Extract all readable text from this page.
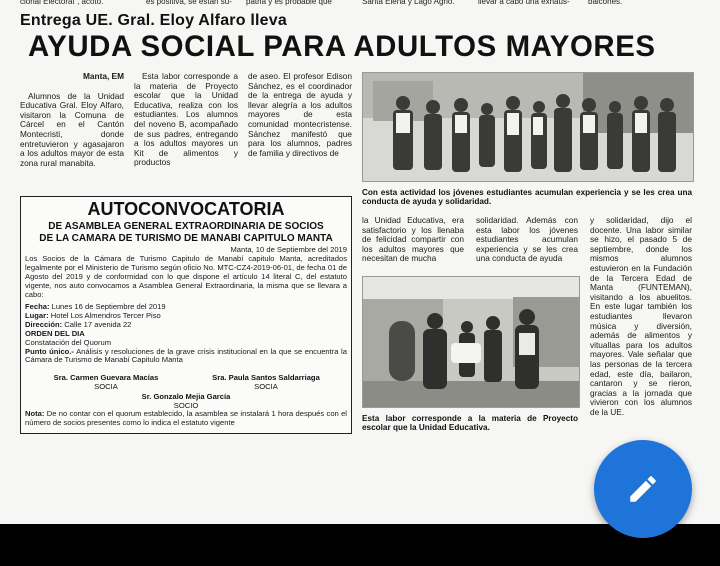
cional Electoral", acotó.	es positiva, se están su- patria y es probable que	Santa Elena y Lago Agrio.	llevar a cabo una exhaus- balcones.
Entrega UE. Gral. Eloy Alfaro lleva
AYUDA SOCIAL PARA ADULTOS MAYORES

Manta, EM

Alumnos de la Unidad Educativa Gral. Eloy Alfaro, visitaron la Comuna de Cárcel en el Cantón Montecristi, donde entretuvieron y agasajaron a los adultos mayor de esta zona rural manabita.

Esta labor corresponde a la materia de Proyecto escolar que la Unidad Educativa, realiza con los estudiantes. Los alumnos del noveno B, acompañado de sus padres, entregando a los adultos mayores un Kit de alimentos y productos
de aseo. El profesor Edison Sánchez, es el coordinador de la entrega de ayuda y llevar alegría a los adultos mayores de esta comunidad montecristense. Sánchez manifestó que para los alumnos, padres de familia y directivos de
Con esta actividad los jóvenes estudiantes acumulan experiencia y se les crea una conducta de ayuda y solidaridad.
la Unidad Educativa, era satisfactorio y los llenaba de felicidad compartir con los adultos mayores que necesitan de mucha
solidaridad. Además con esta labor los jóvenes estudiantes acumulan experiencia y se les crea una conducta de ayuda
y solidaridad, dijo el docente. Una labor similar se hizo, el pasado 5 de septiembre, donde los mismos alumnos estuvieron en la Fundación de la Tercera Edad de Manta (FUNTEMAN), visitando a los abuelitos. En este lugar también los estudiantes llevaron música y diversión, además de alimentos y vituallas para los adultos mayores. Vale señalar que las personas de la tercera edad, este día, bailaron, cantaron y se rieron, gracias a la jornada que vivieron con los alumnos de la UE.
Esta labor corresponde a la materia de Proyecto escolar que la Unidad Educativa.
AUTOCONVOCATORIA
DE ASAMBLEA GENERAL EXTRAORDINARIA DE SOCIOS
DE LA CAMARA DE TURISMO DE MANABI CAPITULO MANTA
Manta, 10 de Septiembre del 2019
Los Socios de la Cámara de Turismo Capitulo de Manabí capitulo Manta, acreditados legalmente por el Ministerio de Turismo según oficio No. MTC-CZ4-2019-06-01, de fecha 01 de Agosto del 2019 y de conformidad con lo que dispone el artículo 14 literal C, del estatuto vigente, nos auto convocamos a Asamblea General Extraordinaria, la misma que se llevara a cabo:
Fecha: Lunes 16 de Septiembre del 2019
Lugar: Hotel Los Almendros Tercer Piso
Dirección: Calle 17 avenida 22
ORDEN DEL DIA
Constatación del Quorum
Punto único.- Análisis y resoluciones de la grave crisis institucional en la que se encuentra la Cámara de Turismo de Manabí Capitulo Manta
Sra. Carmen Guevara Macías
SOCIA
Sra. Paula Santos Saldarriaga
SOCIA
Sr. Gonzalo Mejia García
SOCIO
Nota: De no contar con el quorum establecido, la asamblea se instalará 1 hora después con el número de socios presentes como lo indica el estatuto vigente
